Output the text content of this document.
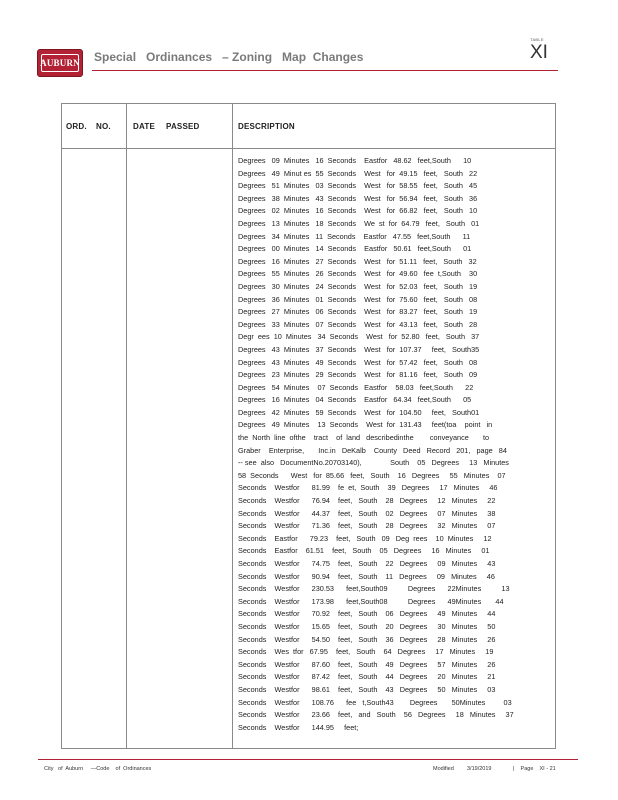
AUBURN Special   Ordinances   – Zoning   Map  Changes
TABLE
XI
ORD. NO.	DATE PASSED	DESCRIPTION
Degrees   09  Minutes   16  Seconds    Eastfor   48.62   feet,South      10
Degrees   49  Minut es  55  Seconds    West   for  49.15   feet,   South   22
Degrees   51  Minutes   03  Seconds    West   for  58.55   feet,   South   45
Degrees   38  Minutes   43  Seconds    West   for  56.94   feet,   South   36
Degrees   02  Minutes   16  Seconds    West   for  66.82   feet,   South   10
Degrees   13  Minutes   18  Seconds    We  st  for  64.79   feet,   South   01
Degrees   34  Minutes   11  Seconds    Eastfor   47.55   feet,South      11
Degrees   00  Minutes   14  Seconds    Eastfor   50.61   feet,South      01
Degrees   16  Minutes   27  Seconds    West   for  51.11   feet,   South   32
Degrees   55  Minutes   26  Seconds    West   for  49.60   fee  t,South    30
Degrees   30  Minutes   24  Seconds    West   for  52.03   feet,   South   19
Degrees   36  Minutes   01  Seconds    West   for  75.60   feet,   South   08
Degrees   27  Minutes   06  Seconds    West   for  83.27   feet,   South   19
Degrees   33  Minutes   07  Seconds    West   for  43.13   feet,   South   28
Degr  ees  10  Minutes   34  Seconds    West   for  52.80   feet,   South   37
Degrees   43  Minutes   37  Seconds    West   for  107.37     feet,   South35
Degrees   43  Minutes   49  Seconds    West   for  57.42   feet,   South   08
Degrees   23  Minutes   29  Seconds    West   for  81.16   feet,   South   09
Degrees   54  Minutes    07  Seconds   Eastfor    58.03   feet,South      22
Degrees   16  Minutes   04  Seconds    Eastfor   64.34   feet,South      05
Degrees   42  Minutes   59  Seconds    West   for  104.50     feet,   South01
Degrees   49  Minutes    13  Seconds    West  for  131.43     feet(toa    point   in
the  North  line  ofthe    tract    of  land   describedinthe        conveyance       to
Graber    Enterprise,       Inc.in   DeKalb    County   Deed   Record   201,   page   84
-- see  also   DocumentNo.20703140),              South    05   Degrees     13   Minutes
58  Seconds      West   for  85.66   feet,   South    16   Degrees     55   Minutes    07
Seconds    Westfor      81.99    fe  et,  South    39   Degrees     17   Minutes     46
Seconds    Westfor      76.94    feet,   South    28   Degrees     12   Minutes     22
Seconds    Westfor      44.37    feet,   South    02   Degrees     07   Minutes     38
Seconds    Westfor      71.36    feet,   South    28   Degrees     32   Minutes     07
Seconds    Eastfor      79.23    feet,   South   09   Deg  rees    10  Minutes     12
Seconds    Eastfor    61.51    feet,   South    05   Degrees     16   Minutes     01
Seconds    Westfor      74.75    feet,   South    22   Degrees     09   Minutes     43
Seconds    Westfor      90.94    feet,   South    11   Degrees     09   Minutes     46
Seconds    Westfor      230.53      feet,South09          Degrees      22Minutes          13
Seconds    Westfor      173.98      feet,South08          Degrees      49Minutes       44
Seconds    Westfor      70.92    feet,   South    06   Degrees     49   Minutes     44
Seconds    Westfor      15.65    feet,   South    20   Degrees     30   Minutes     50
Seconds    Westfor      54.50    feet,   South    36   Degrees     28   Minutes     26
Seconds    Wes  tfor   67.95    feet,   South    64   Degrees     17   Minutes     19
Seconds    Westfor      87.60    feet,   South    49   Degrees     57   Minutes     26
Seconds    Westfor      87.42    feet,   South    44   Degrees     20   Minutes     21
Seconds    Westfor      98.61    feet,   South    43   Degrees     50   Minutes     03
Seconds    Westfor      108.76      fee   t,South43        Degrees       50Minutes         03
Seconds    Westfor      23.66    feet,   and   South    56   Degrees     18   Minutes     37
Seconds    Westfor      144.95     feet;
City   of  Auburn     —Code    of  Ordinances	Modified 3/19/2019	|    Page    XI - 21
